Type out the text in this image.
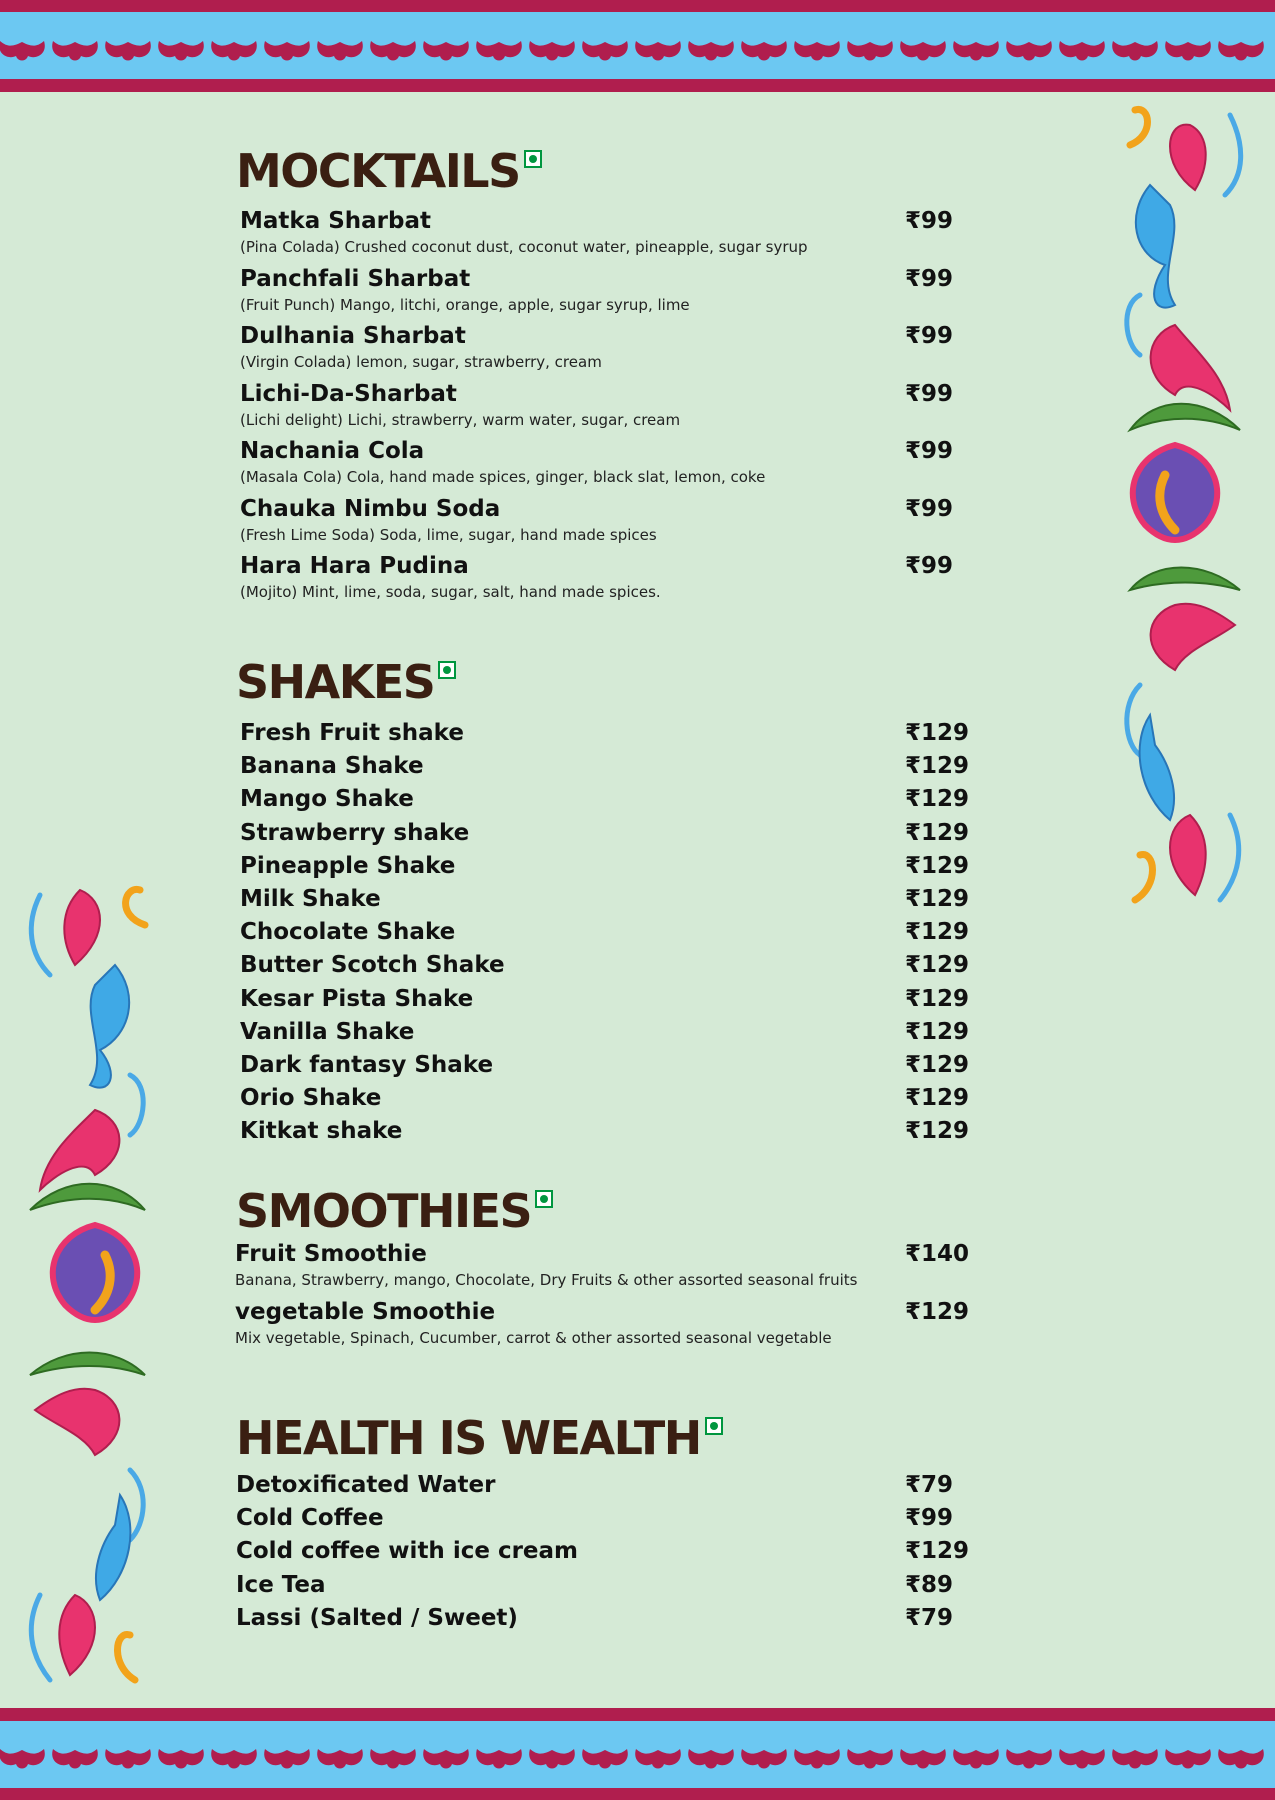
MOCKTAILS
SHAKES
SMOOTHIES
HEALTH IS WEALTH
Matka Sharbat	₹99
(Pina Colada) Crushed coconut dust, coconut water, pineapple, sugar syrup
Panchfali Sharbat	₹99
(Fruit Punch) Mango, litchi, orange, apple, sugar syrup, lime
Dulhania Sharbat	₹99
(Virgin Colada) lemon, sugar, strawberry, cream
Lichi-Da-Sharbat	₹99
(Lichi delight) Lichi, strawberry, warm water, sugar, cream
Nachania Cola	₹99
(Masala Cola) Cola, hand made spices, ginger, black slat, lemon, coke
Chauka Nimbu Soda	₹99
(Fresh Lime Soda) Soda, lime, sugar, hand made spices
Hara Hara Pudina	₹99
(Mojito) Mint, lime, soda, sugar, salt, hand made spices.
Fresh Fruit shake	₹129
Banana Shake	₹129
Mango Shake	₹129
Strawberry shake	₹129
Pineapple Shake	₹129
Milk Shake	₹129
Chocolate Shake	₹129
Butter Scotch Shake	₹129
Kesar Pista Shake	₹129
Vanilla Shake	₹129
Dark fantasy Shake	₹129
Orio Shake	₹129
Kitkat shake	₹129
Fruit Smoothie	₹140
Banana, Strawberry, mango, Chocolate, Dry Fruits & other assorted seasonal fruits
vegetable Smoothie	₹129
Mix vegetable, Spinach, Cucumber, carrot & other assorted seasonal vegetable
Detoxificated Water	₹79
Cold Coffee	₹99
Cold coffee with ice cream	₹129
Ice Tea	₹89
Lassi (Salted / Sweet)	₹79
